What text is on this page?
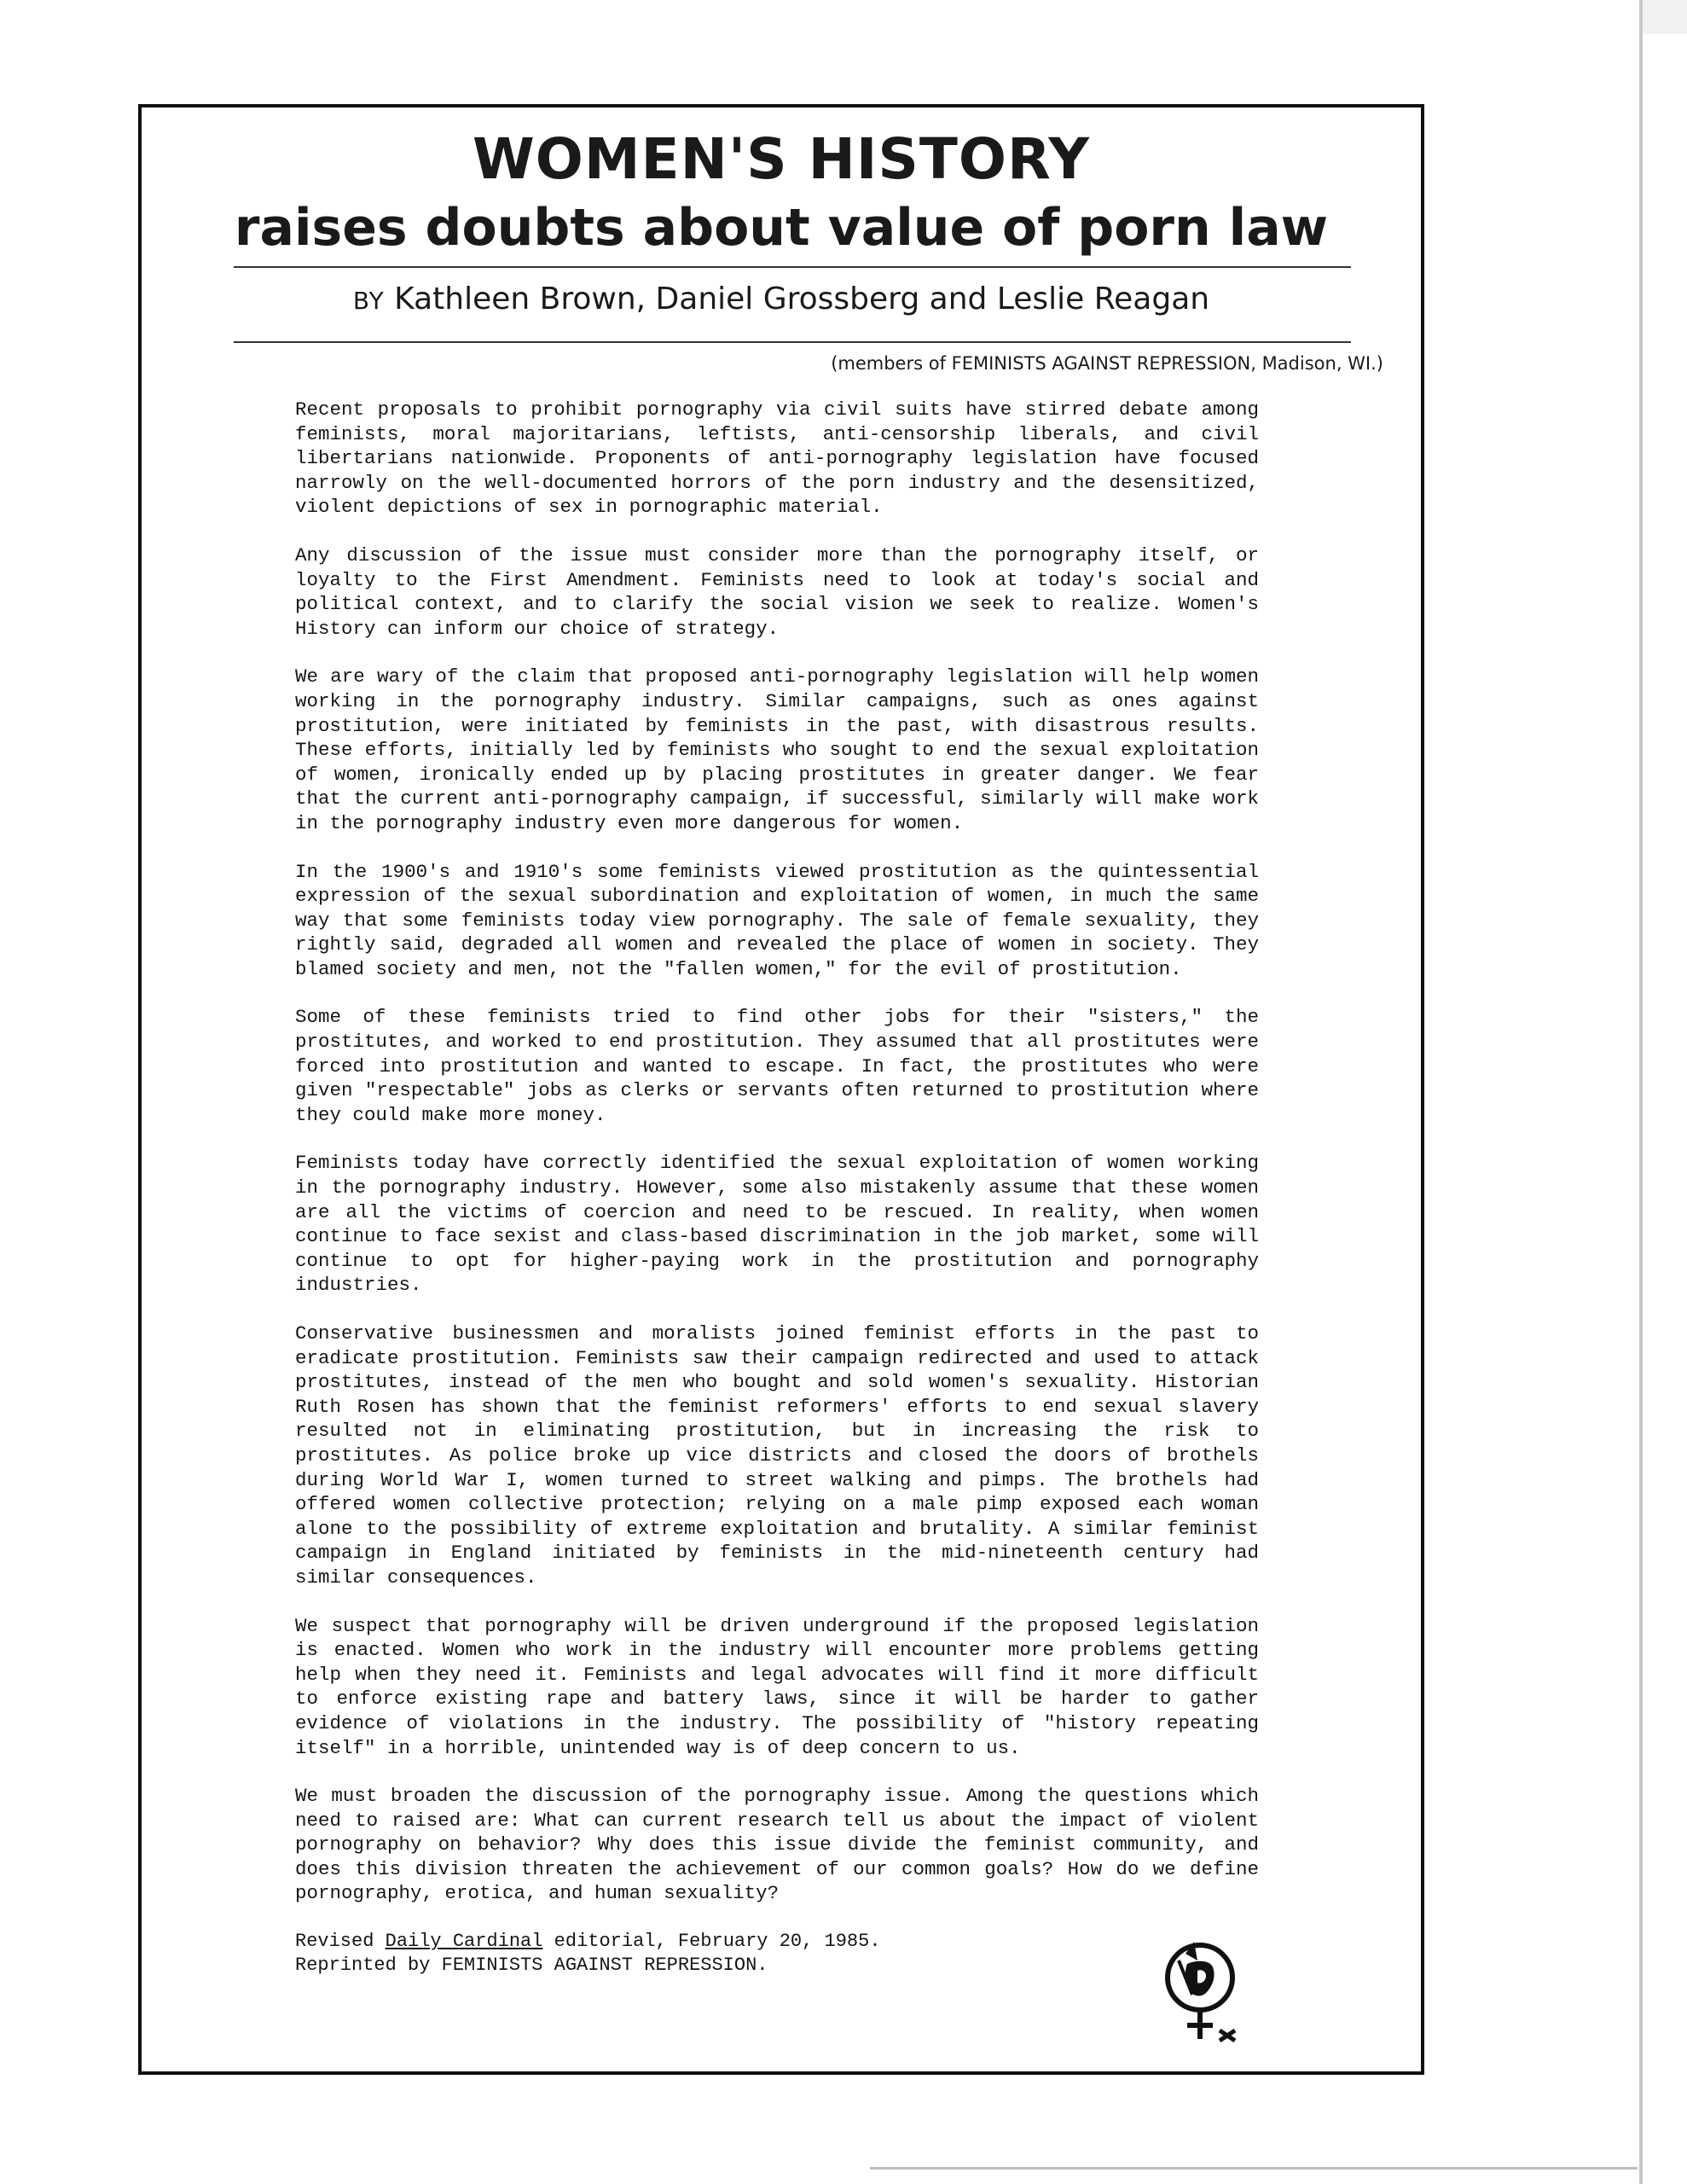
WOMEN'S HISTORY
raises doubts about value of porn law
BY Kathleen Brown, Daniel Grossberg and Leslie Reagan
(members of FEMINISTS AGAINST REPRESSION, Madison, WI.)

Recent proposals to prohibit pornography via civil suits have stirred debate among feminists, moral majoritarians, leftists, anti-censorship liberals, and civil libertarians nationwide. Proponents of anti-pornography legislation have focused narrowly on the well-documented horrors of the porn industry and the desensitized, violent depictions of sex in pornographic material.

Any discussion of the issue must consider more than the pornography itself, or loyalty to the First Amendment. Feminists need to look at today's social and political context, and to clarify the social vision we seek to realize. Women's History can inform our choice of strategy.

We are wary of the claim that proposed anti-pornography legislation will help women working in the pornography industry. Similar campaigns, such as ones against prostitution, were initiated by feminists in the past, with disastrous results. These efforts, initially led by feminists who sought to end the sexual exploitation of women, ironically ended up by placing prostitutes in greater danger. We fear that the current anti-pornography campaign, if successful, similarly will make work in the pornography industry even more dangerous for women.

In the 1900's and 1910's some feminists viewed prostitution as the quintessential expression of the sexual subordination and exploitation of women, in much the same way that some feminists today view pornography. The sale of female sexuality, they rightly said, degraded all women and revealed the place of women in society. They blamed society and men, not the "fallen women," for the evil of prostitution.

Some of these feminists tried to find other jobs for their "sisters," the prostitutes, and worked to end prostitution. They assumed that all prostitutes were forced into prostitution and wanted to escape. In fact, the prostitutes who were given "respectable" jobs as clerks or servants often returned to prostitution where they could make more money.

Feminists today have correctly identified the sexual exploitation of women working in the pornography industry. However, some also mistakenly assume that these women are all the victims of coercion and need to be rescued. In reality, when women continue to face sexist and class-based discrimination in the job market, some will continue to opt for higher-paying work in the prostitution and pornography industries.

Conservative businessmen and moralists joined feminist efforts in the past to eradicate prostitution. Feminists saw their campaign redirected and used to attack prostitutes, instead of the men who bought and sold women's sexuality. Historian Ruth Rosen has shown that the feminist reformers' efforts to end sexual slavery resulted not in eliminating prostitution, but in increasing the risk to prostitutes. As police broke up vice districts and closed the doors of brothels during World War I, women turned to street walking and pimps. The brothels had offered women collective protection; relying on a male pimp exposed each woman alone to the possibility of extreme exploitation and brutality. A similar feminist campaign in England initiated by feminists in the mid-nineteenth century had similar consequences.

We suspect that pornography will be driven underground if the proposed legislation is enacted. Women who work in the industry will encounter more problems getting help when they need it. Feminists and legal advocates will find it more difficult to enforce existing rape and battery laws, since it will be harder to gather evidence of violations in the industry. The possibility of "history repeating itself" in a horrible, unintended way is of deep concern to us.

We must broaden the discussion of the pornography issue. Among the questions which need to raised are: What can current research tell us about the impact of violent pornography on behavior? Why does this issue divide the feminist community, and does this division threaten the achievement of our common goals? How do we define pornography, erotica, and human sexuality?

Revised Daily Cardinal editorial, February 20, 1985.
Reprinted by FEMINISTS AGAINST REPRESSION.
